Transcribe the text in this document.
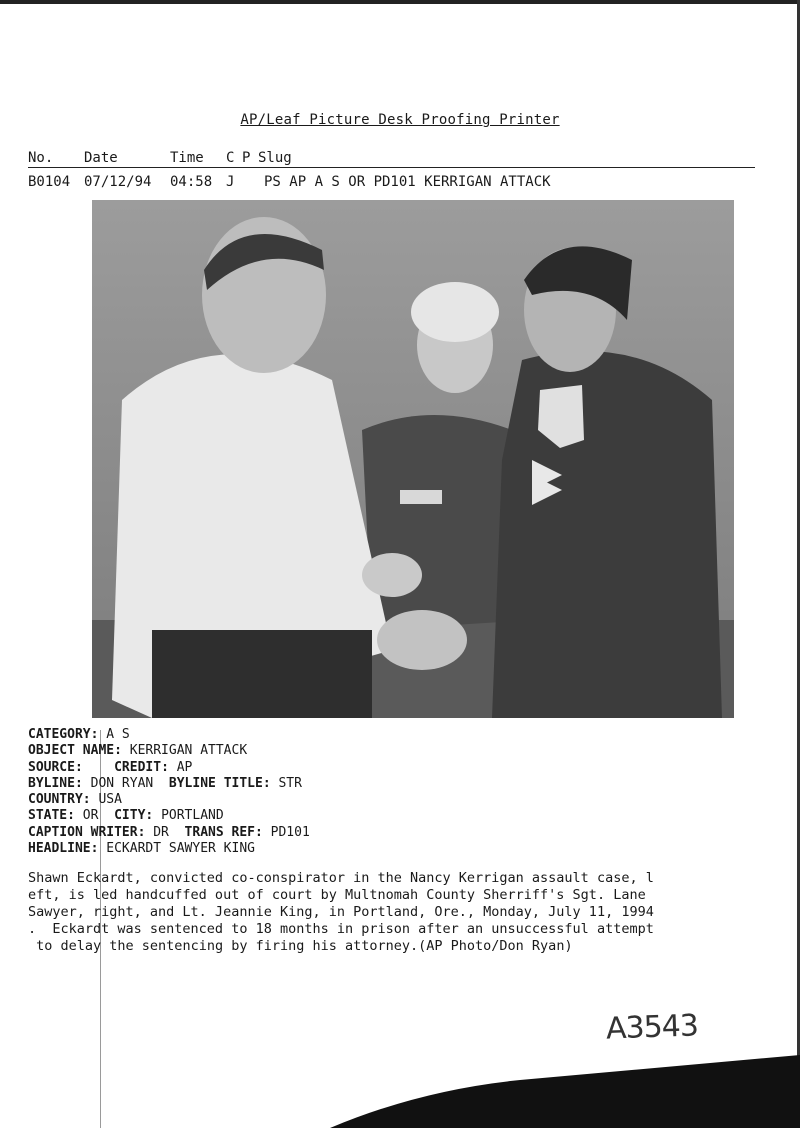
AP/Leaf Picture Desk Proofing Printer
No. Date	Time C P Slug
B0104 07/12/94 04:58 J PS AP A S OR PD101 KERRIGAN ATTACK
CATEGORY: A S
OBJECT NAME: KERRIGAN ATTACK
SOURCE: CREDIT: AP
BYLINE: DON RYAN BYLINE TITLE: STR
COUNTRY: USA
STATE: OR CITY: PORTLAND
CAPTION WRITER: DR TRANS REF: PD101
HEADLINE: ECKARDT SAWYER KING
Shawn Eckardt, convicted co-conspirator in the Nancy Kerrigan assault case, l
eft, is led handcuffed out of court by Multnomah County Sherriff's Sgt. Lane
Sawyer, right, and Lt. Jeannie King, in Portland, Ore., Monday, July 11, 1994
.  Eckardt was sentenced to 18 months in prison after an unsuccessful attempt
to delay the sentencing by firing his attorney.(AP Photo/Don Ryan)
A3543
